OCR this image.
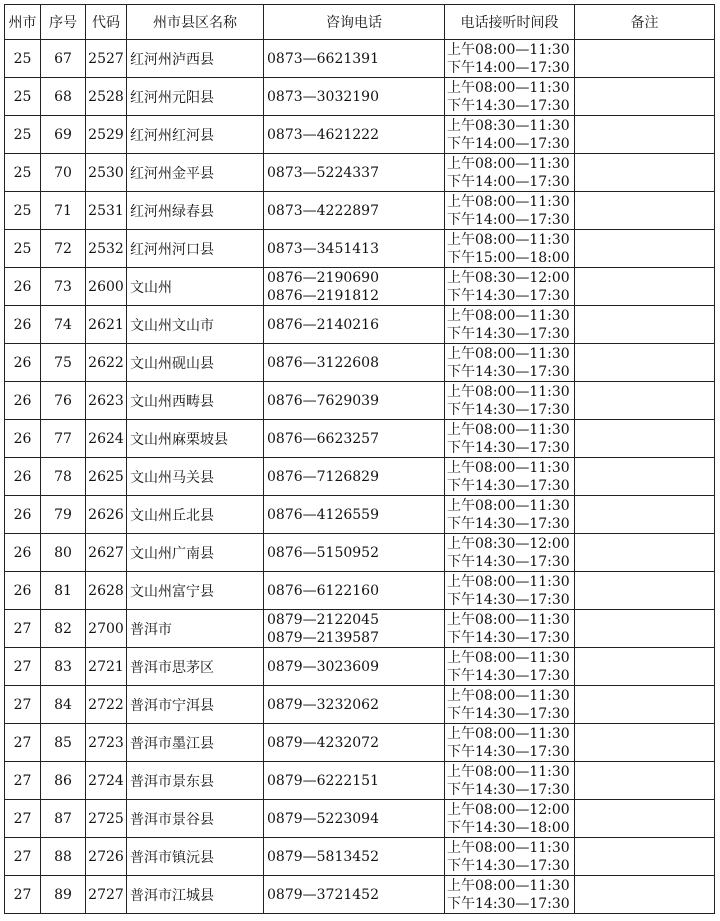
州市	序号	代码	州市县区名称	咨询电话	电话接听时间段	备注
25	67	2527	红河州泸西县	0873—6621391	上午08:00—11:30
下午14:00—17:30	

25	68	2528	红河州元阳县	0873—3032190	上午08:00—11:30
下午14:30—17:30	

25	69	2529	红河州红河县	0873—4621222	上午08:30—11:30
下午14:00—17:30	

25	70	2530	红河州金平县	0873—5224337	上午08:00—11:30
下午14:00—17:30	

25	71	2531	红河州绿春县	0873—4222897	上午08:00—11:30
下午14:00—17:30	

25	72	2532	红河州河口县	0873—3451413	上午08:00—11:30
下午15:00—18:00	

26	73	2600	文山州	0876—2190690
0876—2191812	上午08:30—12:00
下午14:30—17:30	

26	74	2621	文山州文山市	0876—2140216	上午08:00—11:30
下午14:30—17:30	

26	75	2622	文山州砚山县	0876—3122608	上午08:00—11:30
下午14:30—17:30	

26	76	2623	文山州西畴县	0876—7629039	上午08:00—11:30
下午14:30—17:30	

26	77	2624	文山州麻栗坡县	0876—6623257	上午08:00—11:30
下午14:30—17:30	

26	78	2625	文山州马关县	0876—7126829	上午08:00—11:30
下午14:30—17:30	

26	79	2626	文山州丘北县	0876—4126559	上午08:00—11:30
下午14:30—17:30	

26	80	2627	文山州广南县	0876—5150952	上午08:30—12:00
下午14:30—17:30	

26	81	2628	文山州富宁县	0876—6122160	上午08:00—11:30
下午14:30—17:30	

27	82	2700	普洱市	0879—2122045
0879—2139587	上午08:00—11:30
下午14:30—17:30	

27	83	2721	普洱市思茅区	0879—3023609	上午08:00—11:30
下午14:30—17:30	

27	84	2722	普洱市宁洱县	0879—3232062	上午08:00—11:30
下午14:30—17:30	

27	85	2723	普洱市墨江县	0879—4232072	上午08:00—11:30
下午14:30—17:30	

27	86	2724	普洱市景东县	0879—6222151	上午08:00—11:30
下午14:30—17:30	

27	87	2725	普洱市景谷县	0879—5223094	上午08:00—12:00
下午14:30—18:00	

27	88	2726	普洱市镇沅县	0879—5813452	上午08:00—11:30
下午14:30—17:30	

27	89	2727	普洱市江城县	0879—3721452	上午08:00—11:30
下午14:30—17:30	
